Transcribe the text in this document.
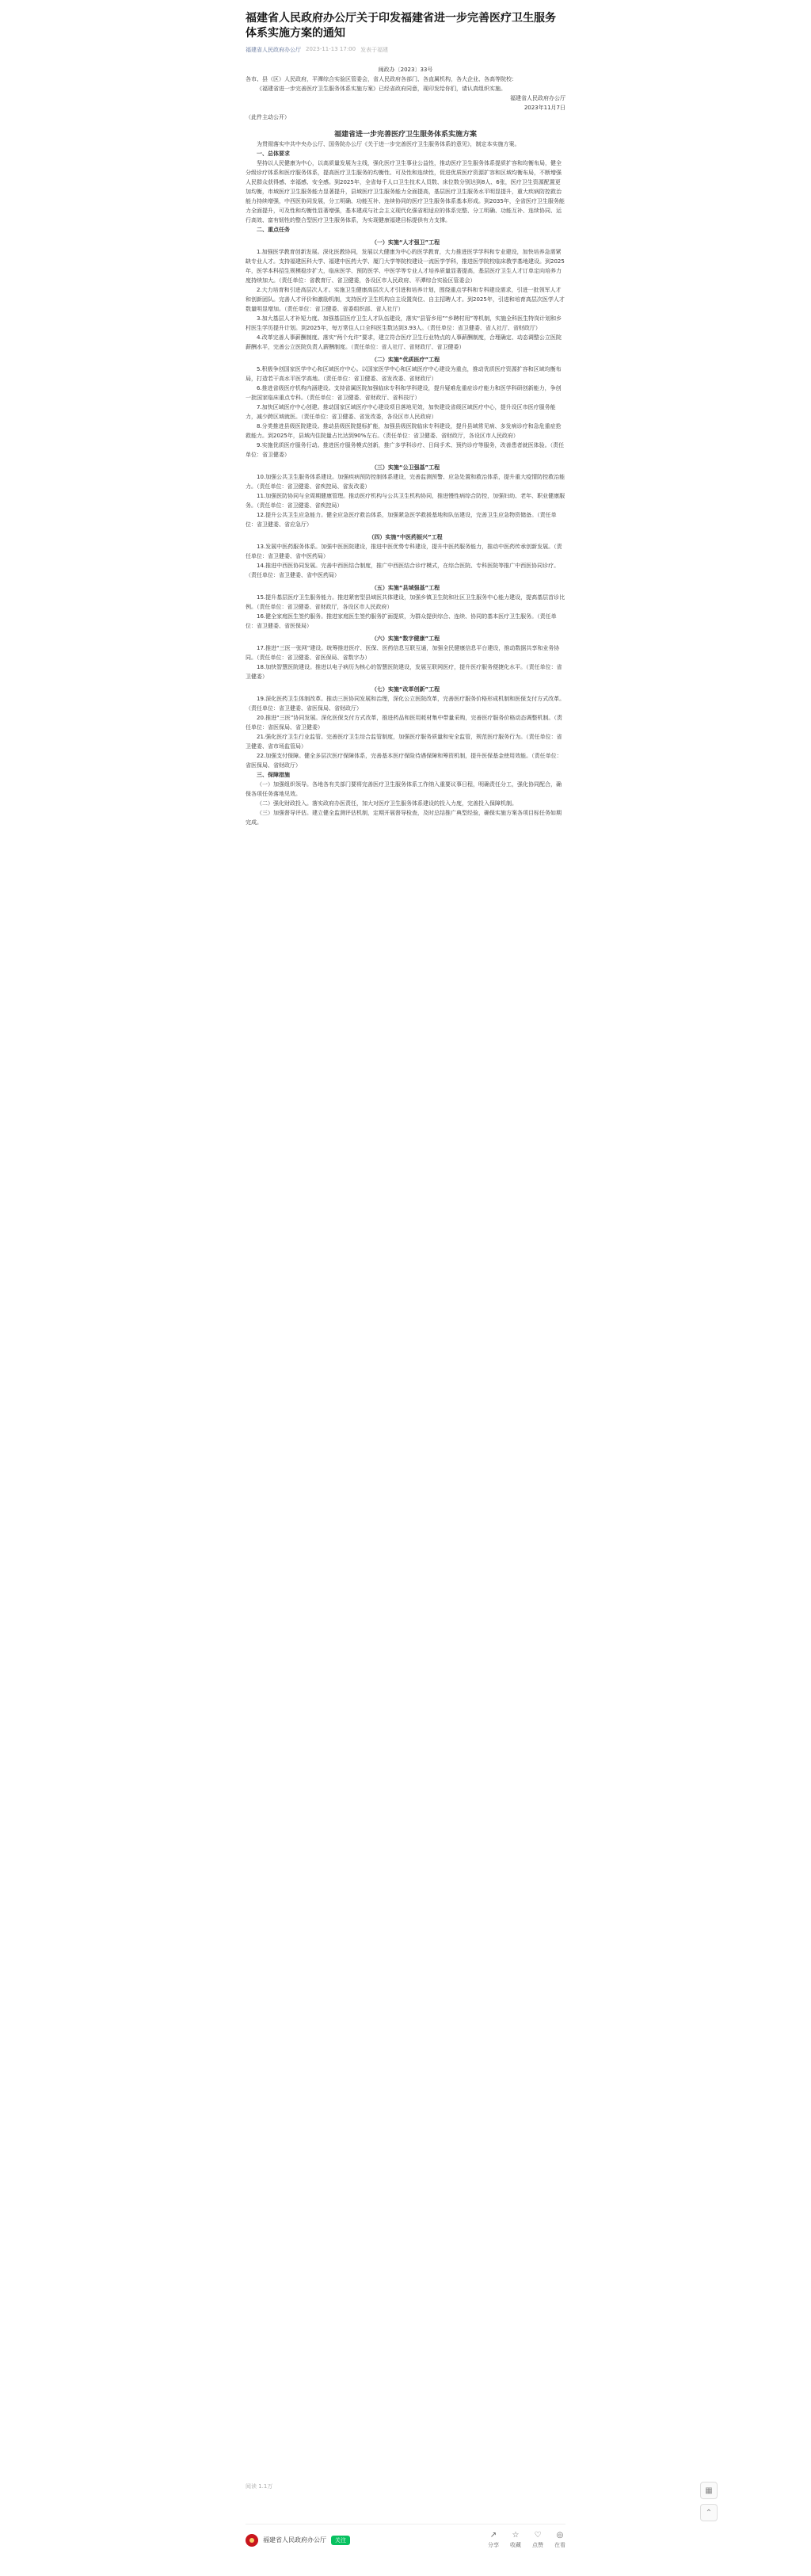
福建省人民政府办公厅关于印发福建省进一步完善医疗卫生服务体系实施方案的通知
福建省人民政府办公厅 2023-11-13 17:00 发表于福建

闽政办〔2023〕33号

各市、县（区）人民政府，平潭综合实验区管委会，省人民政府各部门、各直属机构，各大企业、各高等院校：

《福建省进一步完善医疗卫生服务体系实施方案》已经省政府同意，现印发给你们，请认真组织实施。

福建省人民政府办公厅

2023年11月7日

（此件主动公开）

福建省进一步完善医疗卫生服务体系实施方案

为贯彻落实中共中央办公厅、国务院办公厅《关于进一步完善医疗卫生服务体系的意见》，制定本实施方案。

一、总体要求

坚持以人民健康为中心，以高质量发展为主线，强化医疗卫生事业公益性，推动医疗卫生服务体系提质扩容和均衡布局，健全分级诊疗体系和医疗服务体系，提高医疗卫生服务的均衡性、可及性和连续性，促进优质医疗资源扩容和区域均衡布局，不断增强人民群众获得感、幸福感、安全感。到2025年，全省每千人口卫生技术人员数、床位数分别达到8人、6张，医疗卫生资源配置更加均衡，市域医疗卫生服务能力显著提升，县域医疗卫生服务能力全面提高，基层医疗卫生服务水平明显提升，重大疾病防控救治能力持续增强，中西医协同发展，分工明确、功能互补、连续协同的医疗卫生服务体系基本形成。到2035年，全省医疗卫生服务能力全面提升，可及性和均衡性显著增强，基本建成与社会主义现代化强省相适应的体系完整、分工明确、功能互补、连续协同、运行高效、富有韧性的整合型医疗卫生服务体系，为实现健康福建目标提供有力支撑。

二、重点任务

（一）实施“人才强卫”工程

1.加强医学教育创新发展。深化医教协同，发展以大健康为中心的医学教育，大力推进医学学科和专业建设，加快培养急需紧缺专业人才。支持福建医科大学、福建中医药大学、厦门大学等院校建设一流医学学科，推进医学院校临床教学基地建设。到2025年，医学本科招生规模稳步扩大，临床医学、预防医学、中医学等专业人才培养质量显著提高，基层医疗卫生人才订单定向培养力度持续加大。（责任单位：省教育厅、省卫健委，各设区市人民政府、平潭综合实验区管委会）

2.大力培育和引进高层次人才。实施卫生健康高层次人才引进和培养计划，围绕重点学科和专科建设需求，引进一批领军人才和创新团队。完善人才评价和激励机制，支持医疗卫生机构自主设置岗位、自主招聘人才。到2025年，引进和培育高层次医学人才数量明显增加。（责任单位：省卫健委、省委组织部、省人社厅）

3.加大基层人才补短力度。加强基层医疗卫生人才队伍建设，落实“县管乡用”“乡聘村用”等机制，实施全科医生特岗计划和乡村医生学历提升计划。到2025年，每万常住人口全科医生数达到3.93人。（责任单位：省卫健委、省人社厅、省财政厅）

4.改革完善人事薪酬制度。落实“两个允许”要求，建立符合医疗卫生行业特点的人事薪酬制度，合理确定、动态调整公立医院薪酬水平，完善公立医院负责人薪酬制度。（责任单位：省人社厅、省财政厅、省卫健委）

（二）实施“优质医疗”工程

5.积极争创国家医学中心和区域医疗中心。以国家医学中心和区域医疗中心建设为重点，推动优质医疗资源扩容和区域均衡布局，打造若干高水平医学高地。（责任单位：省卫健委、省发改委、省财政厅）

6.推进省级医疗机构内涵建设。支持省属医院加强临床专科和学科建设，提升疑难危重症诊疗能力和医学科研创新能力，争创一批国家临床重点专科。（责任单位：省卫健委、省财政厅、省科技厅）

7.加快区域医疗中心创建。推动国家区域医疗中心建设项目落地见效，加快建设省级区域医疗中心，提升设区市医疗服务能力，减少跨区域就医。（责任单位：省卫健委、省发改委，各设区市人民政府）

8.分类推进县级医院建设。推动县级医院提标扩能，加强县级医院临床专科建设，提升县域常见病、多发病诊疗和急危重症抢救能力。到2025年，县域内住院量占比达到90%左右。（责任单位：省卫健委、省财政厅，各设区市人民政府）

9.实施优质医疗服务行动。推进医疗服务模式创新，推广多学科诊疗、日间手术、预约诊疗等服务，改善患者就医体验。（责任单位：省卫健委）

（三）实施“公卫强基”工程

10.加强公共卫生服务体系建设。加强疾病预防控制体系建设，完善监测预警、应急处置和救治体系，提升重大疫情防控救治能力。（责任单位：省卫健委、省疾控局、省发改委）

11.加强医防协同与全周期健康管理。推动医疗机构与公共卫生机构协同，推进慢性病综合防控，加强妇幼、老年、职业健康服务。（责任单位：省卫健委、省疾控局）

12.提升公共卫生应急能力。健全应急医疗救治体系，加强紧急医学救援基地和队伍建设，完善卫生应急物资储备。（责任单位：省卫健委、省应急厅）

（四）实施“中医药振兴”工程

13.发展中医药服务体系。加强中医医院建设，推进中医优势专科建设，提升中医药服务能力，推动中医药传承创新发展。（责任单位：省卫健委、省中医药局）

14.推进中西医协同发展。完善中西医结合制度，推广中西医结合诊疗模式，在综合医院、专科医院等推广中西医协同诊疗。（责任单位：省卫健委、省中医药局）

（五）实施“县域强基”工程

15.提升基层医疗卫生服务能力。推进紧密型县域医共体建设，加强乡镇卫生院和社区卫生服务中心能力建设，提高基层首诊比例。（责任单位：省卫健委、省财政厅，各设区市人民政府）

16.健全家庭医生签约服务。推进家庭医生签约服务扩面提质，为群众提供综合、连续、协同的基本医疗卫生服务。（责任单位：省卫健委、省医保局）

（六）实施“数字健康”工程

17.推进“三医一张网”建设。统筹推进医疗、医保、医药信息互联互通，加强全民健康信息平台建设，推动数据共享和业务协同。（责任单位：省卫健委、省医保局、省数字办）

18.加快智慧医院建设。推进以电子病历为核心的智慧医院建设，发展互联网医疗，提升医疗服务便捷化水平。（责任单位：省卫健委）

（七）实施“改革创新”工程

19.深化医药卫生体制改革。推动三医协同发展和治理，深化公立医院改革，完善医疗服务价格形成机制和医保支付方式改革。（责任单位：省卫健委、省医保局、省财政厅）

20.推进“三医”协同发展。深化医保支付方式改革，推进药品和医用耗材集中带量采购，完善医疗服务价格动态调整机制。（责任单位：省医保局、省卫健委）

21.强化医疗卫生行业监管。完善医疗卫生综合监管制度，加强医疗服务质量和安全监管，规范医疗服务行为。（责任单位：省卫健委、省市场监管局）

22.加强支付保障。健全多层次医疗保障体系，完善基本医疗保险待遇保障和筹资机制，提升医保基金使用效能。（责任单位：省医保局、省财政厅）

三、保障措施

（一）加强组织领导。各地各有关部门要将完善医疗卫生服务体系工作纳入重要议事日程，明确责任分工，强化协同配合，确保各项任务落地见效。

（二）强化财政投入。落实政府办医责任，加大对医疗卫生服务体系建设的投入力度，完善投入保障机制。

（三）加强督导评估。建立健全监测评估机制，定期开展督导检查，及时总结推广典型经验，确保实施方案各项目标任务如期完成。

阅读 1.1万
福建省人民政府办公厅	关注
↗
分享
☆
收藏
♡
点赞
◎
在看
▦
⌃
